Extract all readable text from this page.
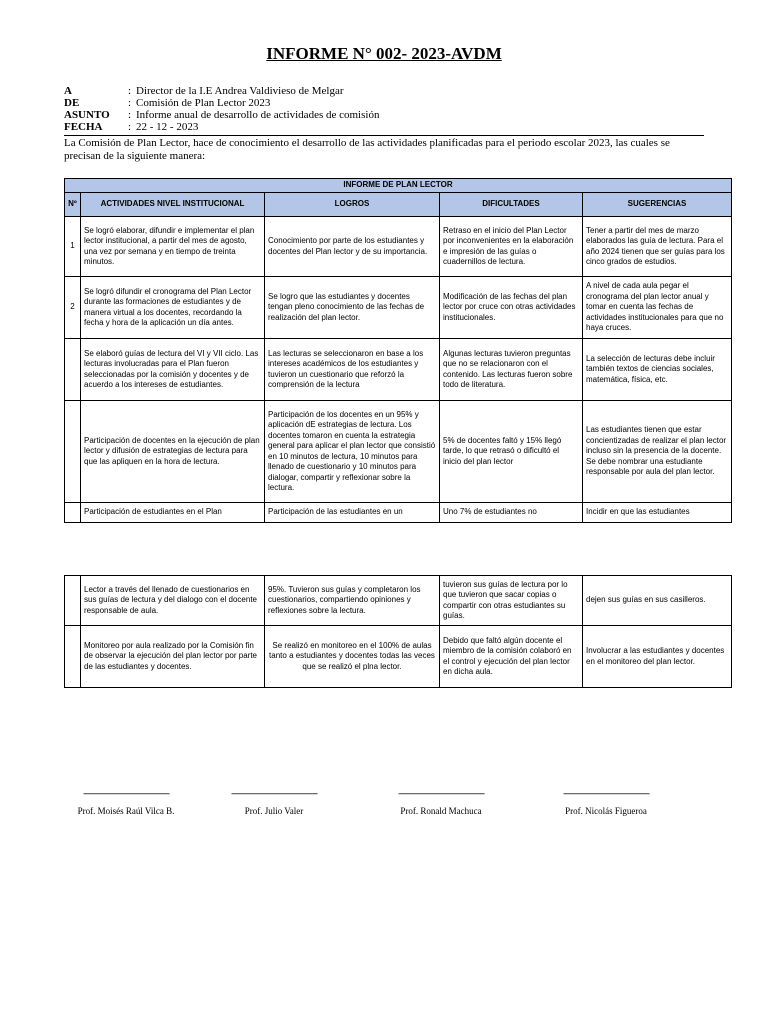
INFORME N° 002- 2023-AVDM
A	: Director de la I.E Andrea Valdivieso de Melgar
DE	: Comisión de Plan Lector 2023
ASUNTO	: Informe anual de desarrollo de actividades de comisión
FECHA	: 22 - 12 - 2023
La Comisión de Plan Lector, hace de conocimiento el desarrollo de las actividades planificadas para el periodo escolar 2023, las cuales se precisan de la siguiente manera:
INFORME DE PLAN LECTOR				
Nº	ACTIVIDADES NIVEL INSTITUCIONAL	LOGROS	DIFICULTADES	SUGERENCIAS
1	Se logró elaborar, difundir e implementar el plan lector institucional, a partir del mes de agosto, una vez por semana y en tiempo de treinta minutos.	Conocimiento por parte de los estudiantes y docentes del Plan lector y de su importancia.	Retraso en el inicio del Plan Lector por inconvenientes en la elaboración e impresión de las guías o cuadernillos de lectura.	Tener a partir del mes de marzo elaborados las guía de lectura. Para el año 2024 tienen que ser guías para los cinco grados de estudios.
2	Se logró difundir el cronograma del Plan Lector durante las formaciones de estudiantes y de manera virtual a los docentes, recordando la fecha y hora de la aplicación un día antes.	Se logro que las estudiantes y docentes tengan pleno conocimiento de las fechas de realización del plan lector.	Modificación de las fechas del plan lector por cruce con otras actividades institucionales.	A nivel de cada aula pegar el cronograma del plan lector anual y tomar en cuenta las fechas de actividades institucionales para que no haya cruces.
	Se elaboró guías de lectura del VI y VII ciclo. Las lecturas involucradas para el Plan fueron seleccionadas por la comisión y docentes y de acuerdo a los intereses de estudiantes.	Las lecturas se seleccionaron en base a los intereses académicos de los estudiantes y tuvieron un cuestionario que reforzó la comprensión de la lectura	Algunas lecturas tuvieron preguntas que no se relacionaron con el contenido. Las lecturas fueron sobre todo de literatura.	La selección de lecturas debe incluir también textos de ciencias sociales, matemática, física, etc.
	Participación de docentes en la ejecución de plan lector y difusión de estrategias de lectura para que las apliquen en la hora de lectura.	Participación de los docentes en un 95% y aplicación dE estrategias de lectura. Los docentes tomaron en cuenta la estrategia general para aplicar el plan lector que consistió en 10 minutos de lectura, 10 minutos para llenado de cuestionario y 10 minutos para dialogar, compartir y reflexionar sobre la lectura.	5% de docentes faltó y 15% llegó tarde, lo que retrasó o dificultó el inicio del plan lector	Las estudiantes tienen que estar concientizadas de realizar el plan lector incluso sin la presencia de la docente. Se debe nombrar una estudiante responsable por aula del plan lector.
	Participación de estudiantes en el Plan	Participación de las estudiantes en un	Uno 7% de estudiantes no	Incidir en que las estudiantes
	Lector a través del llenado de cuestionarios en sus guías de lectura y del dialogo con el docente responsable de aula.	95%. Tuvieron sus guías y completaron los cuestionarios, compartiendo opiniones y reflexiones sobre la lectura.	tuvieron sus guías de lectura por lo que tuvieron que sacar copias o compartir con otras estudiantes su guías.	dejen sus guías en sus casilleros.
	Monitoreo por aula realizado por la Comisión fin de observar la ejecución del plan lector por parte de las estudiantes y docentes.	Se realizó en monitoreo en el 100% de aulas tanto a estudiantes y docentes todas las veces que se realizó el plna lector.	Debido que faltó algún docente el miembro de la comisión colaboró en el control y ejecución del plan lector en dicha aula.	Involucrar a las estudiantes y docentes en el monitoreo del plan lector.
-------------------------------------------
Prof. Moisés Raúl Vilca B.
-------------------------------------------
Prof. Julio Valer
-------------------------------------------
Prof. Ronald Machuca
-------------------------------------------
Prof. Nicolás Figueroa
